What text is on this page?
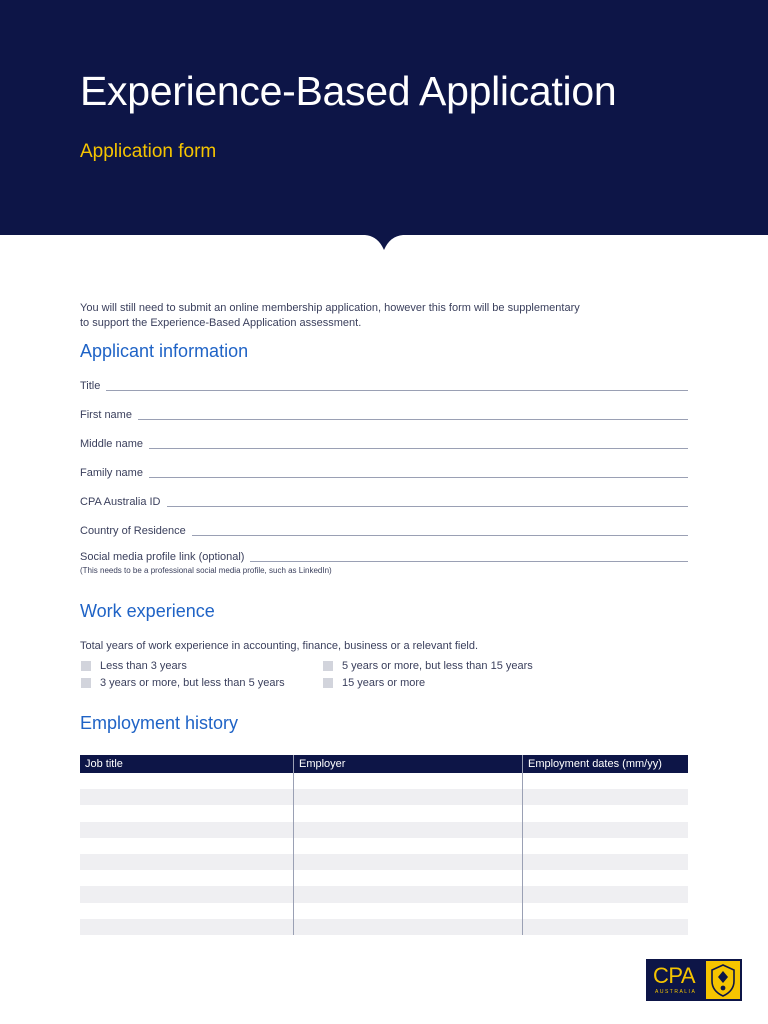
Experience-Based Application
Application form
You will still need to submit an online membership application, however this form will be supplementary
to support the Experience-Based Application assessment.
Applicant information
Title
First name
Middle name
Family name
CPA Australia ID
Country of Residence
Social media profile link (optional)
(This needs to be a professional social media profile, such as LinkedIn)
Work experience
Total years of work experience in accounting, finance, business or a relevant field.
Less than 3 years
3 years or more, but less than 5 years
5 years or more, but less than 15 years
15 years or more
Employment history
Job title	Employer	Employment dates (mm/yy)
CPA
AUSTRALIA
